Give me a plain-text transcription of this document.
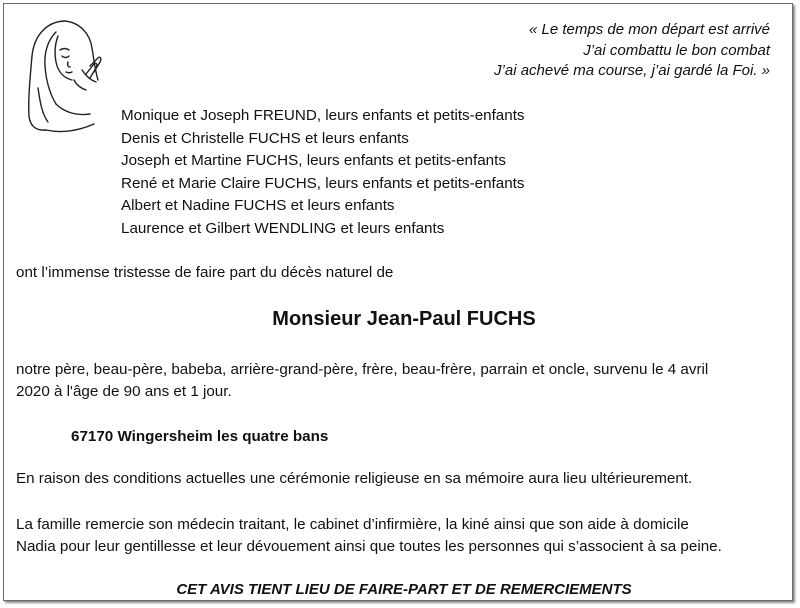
« Le temps de mon départ est arrivé
J’ai combattu le bon combat
J’ai achevé ma course, j’ai gardé la Foi. »
Monique et Joseph FREUND, leurs enfants et petits-enfants
Denis et Christelle FUCHS et leurs enfants
Joseph et Martine FUCHS, leurs enfants et petits-enfants
René et Marie Claire FUCHS, leurs enfants et petits-enfants
Albert et Nadine FUCHS et leurs enfants
Laurence et Gilbert WENDLING et leurs enfants
ont l’immense tristesse de faire part du décès naturel de
Monsieur Jean-Paul FUCHS
notre père, beau-père, babeba, arrière-grand-père, frère, beau-frère, parrain et oncle, survenu le 4 avril
2020 à l'âge de 90 ans et 1 jour.
67170 Wingersheim les quatre bans
En raison des conditions actuelles une cérémonie religieuse en sa mémoire aura lieu ultérieurement.
La famille remercie son médecin traitant, le cabinet d’infirmière, la kiné ainsi que son aide à domicile
Nadia pour leur gentillesse et leur dévouement ainsi que toutes les personnes qui s’associent à sa peine.
CET AVIS TIENT LIEU DE FAIRE-PART ET DE REMERCIEMENTS
